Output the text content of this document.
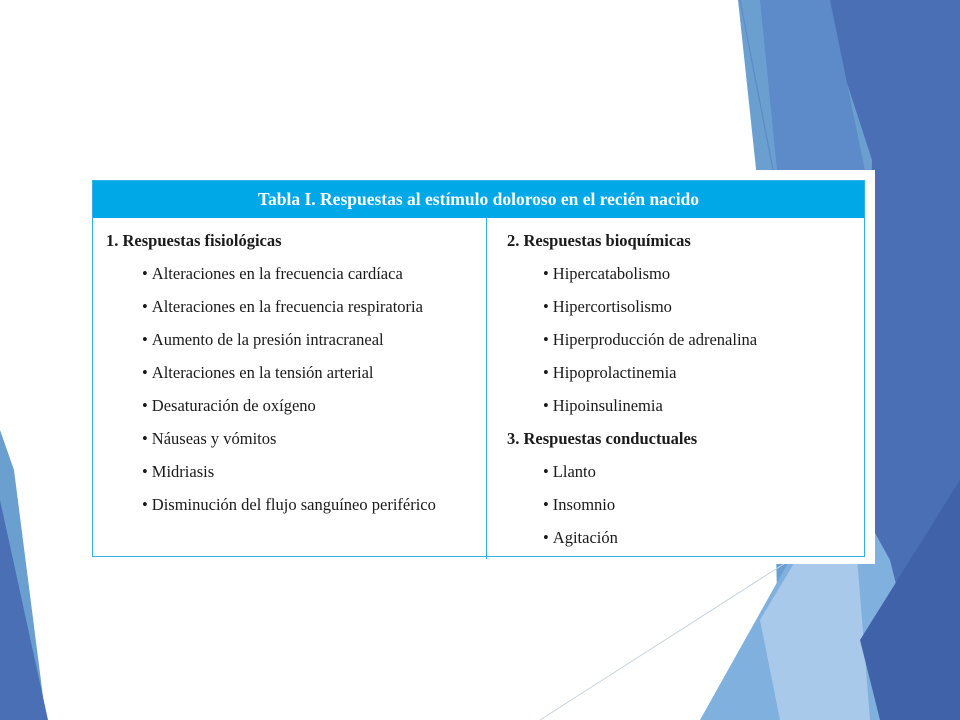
Tabla I. Respuestas al estímulo doloroso en el recién nacido
1. Respuestas fisiológicas
• Alteraciones en la frecuencia cardíaca
• Alteraciones en la frecuencia respiratoria
• Aumento de la presión intracraneal
• Alteraciones en la tensión arterial
• Desaturación de oxígeno
• Náuseas y vómitos
• Midriasis
• Disminución del flujo sanguíneo periférico
2. Respuestas bioquímicas
• Hipercatabolismo
• Hipercortisolismo
• Hiperproducción de adrenalina
• Hipoprolactinemia
• Hipoinsulinemia
3. Respuestas conductuales
• Llanto
• Insomnio
• Agitación
